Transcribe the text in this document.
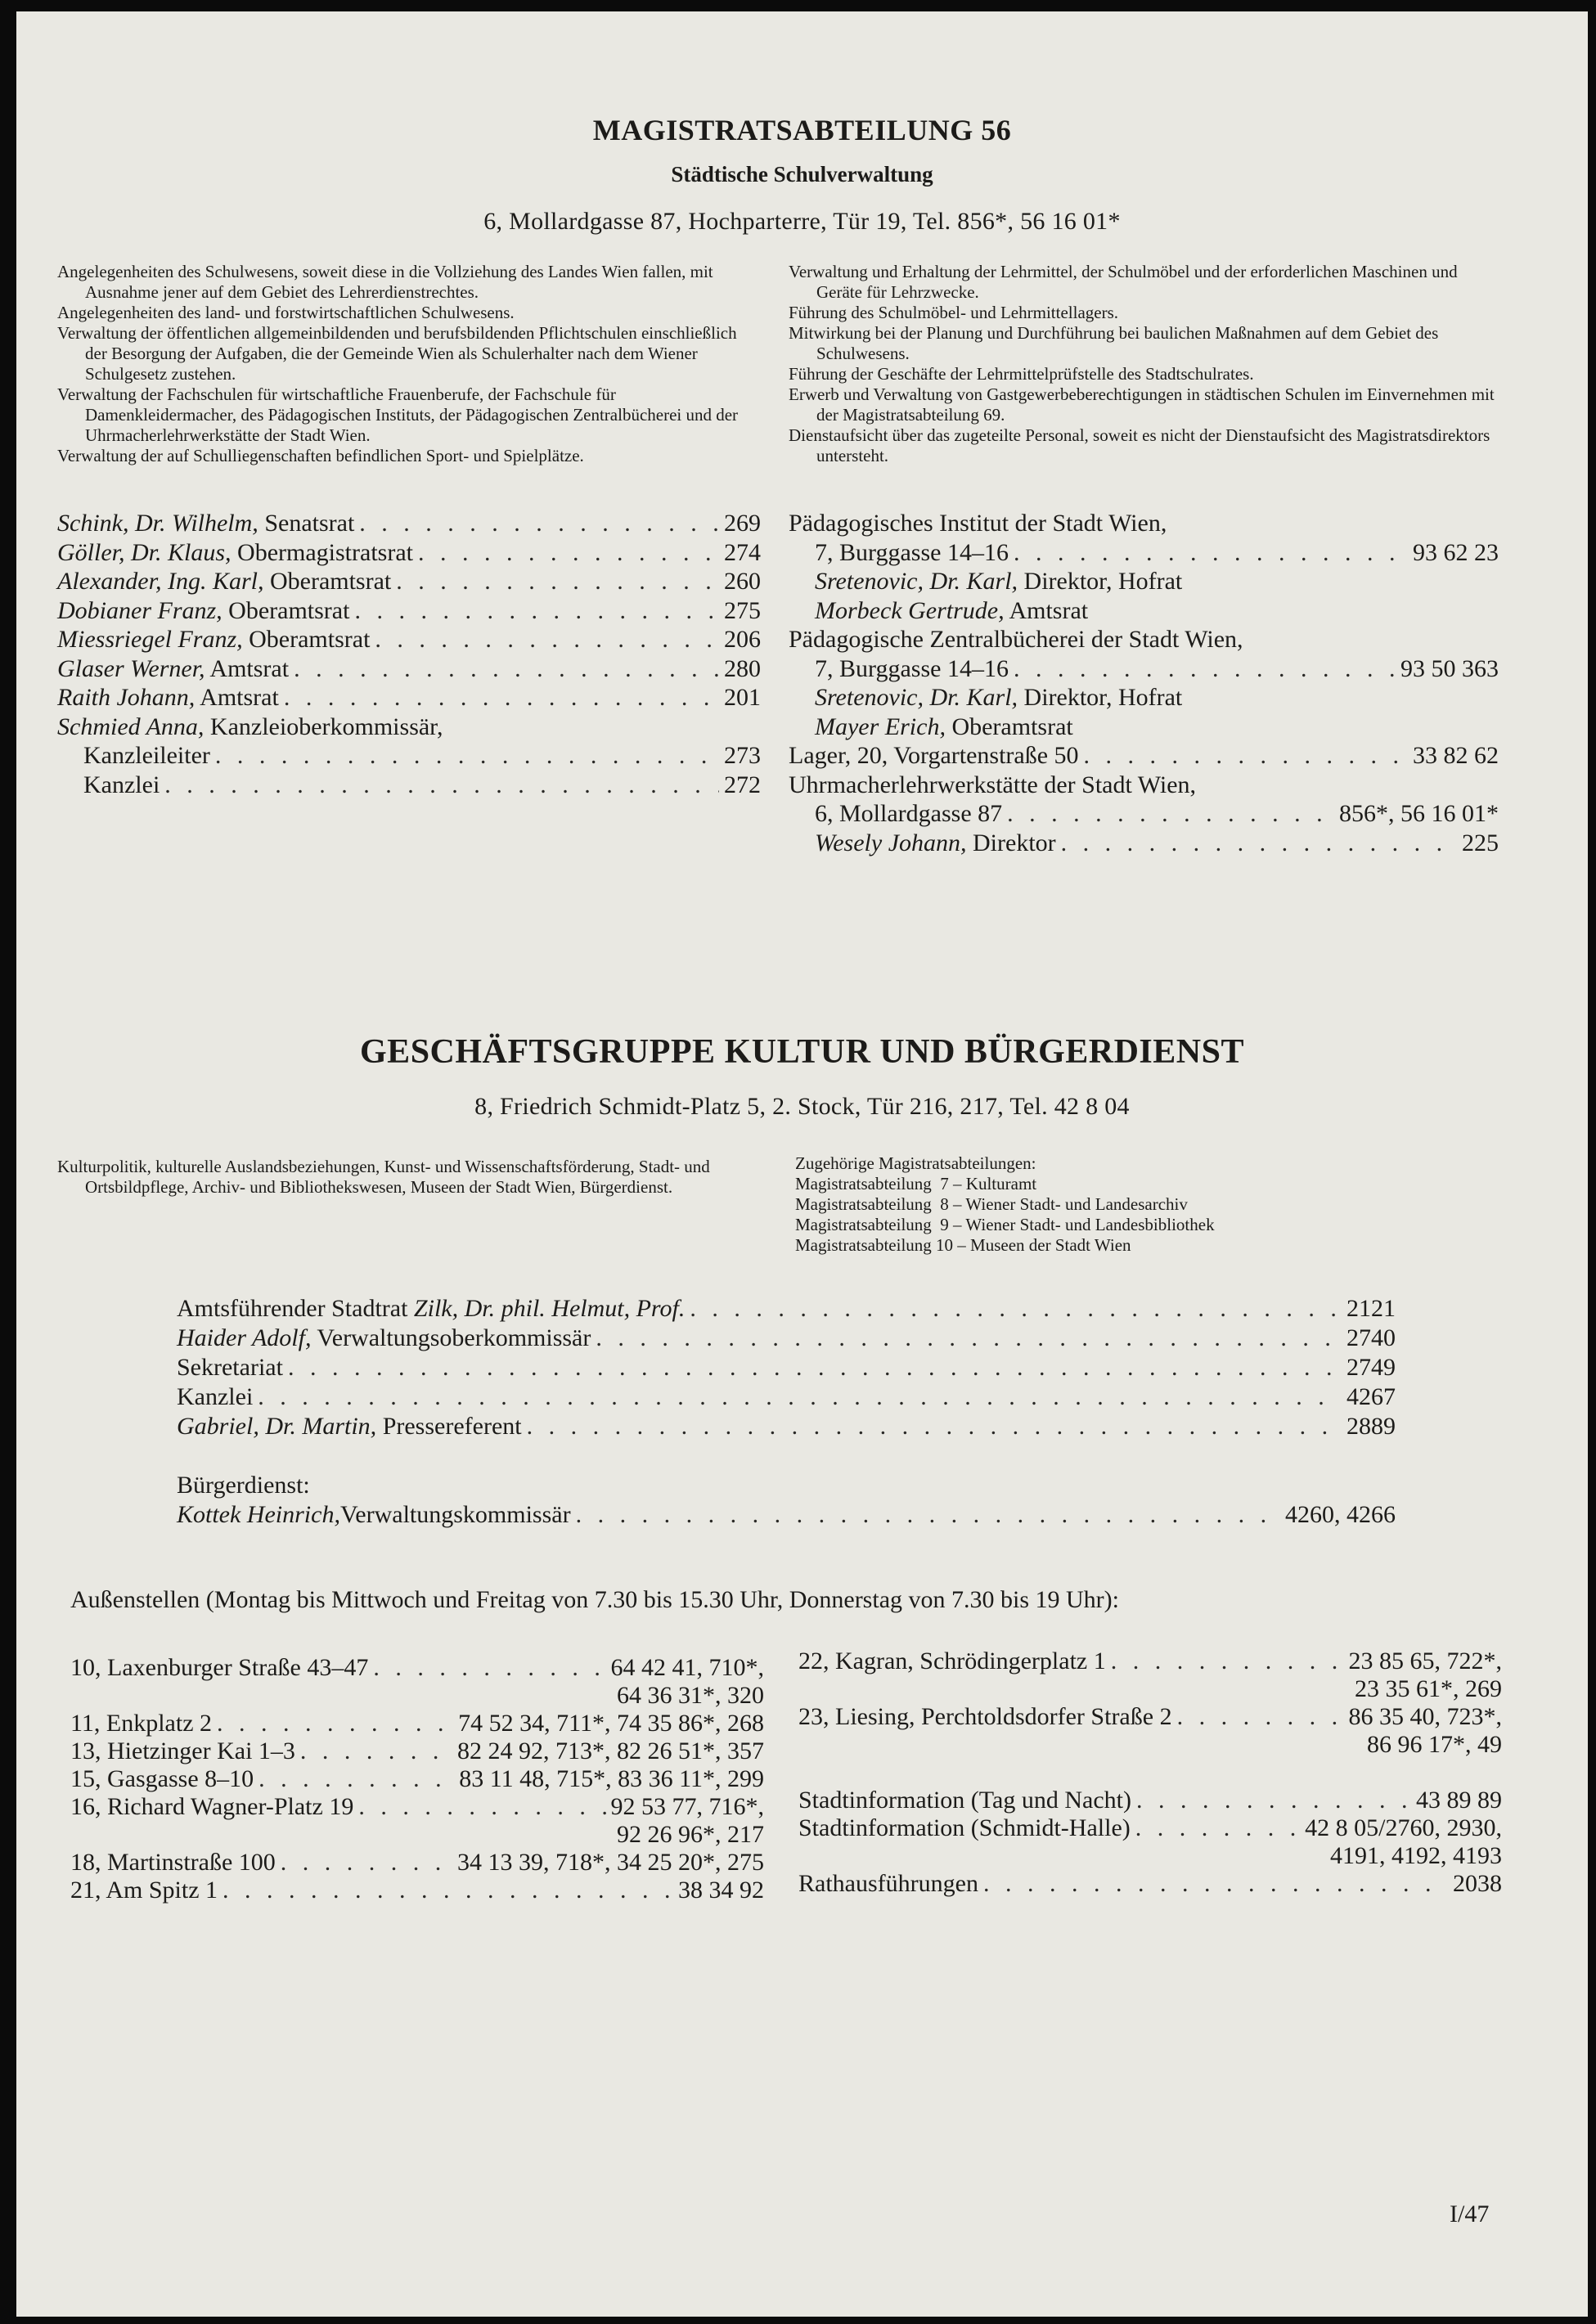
MAGISTRATSABTEILUNG 56
Städtische Schulverwaltung
6, Mollardgasse 87, Hochparterre, Tür 19, Tel. 856*, 56 16 01*

Angelegenheiten des Schulwesens, soweit diese in die Vollziehung des Landes Wien fallen, mit Ausnahme jener auf dem Gebiet des Lehrerdienstrechtes.

Angelegenheiten des land- und forstwirtschaftlichen Schulwesens.

Verwaltung der öffentlichen allgemeinbildenden und berufsbildenden Pflichtschulen einschließlich der Besorgung der Aufgaben, die der Gemeinde Wien als Schulerhalter nach dem Wiener Schulgesetz zustehen.

Verwaltung der Fachschulen für wirtschaftliche Frauenberufe, der Fachschule für Damenkleidermacher, des Pädagogischen Instituts, der Pädagogischen Zentralbücherei und der Uhrmacherlehrwerkstätte der Stadt Wien.

Verwaltung der auf Schulliegenschaften befindlichen Sport- und Spielplätze.

Verwaltung und Erhaltung der Lehrmittel, der Schulmöbel und der erforderlichen Maschinen und Geräte für Lehrzwecke.

Führung des Schulmöbel- und Lehrmittellagers.

Mitwirkung bei der Planung und Durchführung bei baulichen Maßnahmen auf dem Gebiet des Schulwesens.

Führung der Geschäfte der Lehrmittelprüfstelle des Stadtschulrates.

Erwerb und Verwaltung von Gastgewerbeberechtigungen in städtischen Schulen im Einvernehmen mit der Magistratsabteilung 69.

Dienstaufsicht über das zugeteilte Personal, soweit es nicht der Dienstaufsicht des Magistratsdirektors untersteht.

Schink, Dr. Wilhelm, Senatsrat . . .	269
Göller, Dr. Klaus, Obermagistratsrat . . .	274
Alexander, Ing. Karl, Oberamtsrat . . .	260
Dobianer Franz, Oberamtsrat . . .	275
Miessriegel Franz, Oberamtsrat . . .	206
Glaser Werner, Amtsrat . . .	280
Raith Johann, Amtsrat . . .	201
Schmied Anna, Kanzleioberkommissär,
Kanzleileiter . . .	273
Kanzlei . . .	272
Pädagogisches Institut der Stadt Wien,
7, Burggasse 14–16 . . .	93 62 23
Sretenovic, Dr. Karl, Direktor, Hofrat
Morbeck Gertrude, Amtsrat
Pädagogische Zentralbücherei der Stadt Wien,
7, Burggasse 14–16 . . .	93 50 363
Sretenovic, Dr. Karl, Direktor, Hofrat
Mayer Erich, Oberamtsrat
Lager, 20, Vorgartenstraße 50 . . .	33 82 62
Uhrmacherlehrwerkstätte der Stadt Wien,
6, Mollardgasse 87 . . .	856*, 56 16 01*
Wesely Johann, Direktor . . .	225
GESCHÄFTSGRUPPE KULTUR UND BÜRGERDIENST
8, Friedrich Schmidt-Platz 5, 2. Stock, Tür 216, 217, Tel. 42 8 04

Kulturpolitik, kulturelle Auslandsbeziehungen, Kunst- und Wissenschaftsförderung, Stadt- und Ortsbildpflege, Archiv- und Bibliothekswesen, Museen der Stadt Wien, Bürgerdienst.

Zugehörige Magistratsabteilungen:
Magistratsabteilung  7 – Kulturamt
Magistratsabteilung  8 – Wiener Stadt- und Landesarchiv
Magistratsabteilung  9 – Wiener Stadt- und Landesbibliothek
Magistratsabteilung 10 – Museen der Stadt Wien
Amtsführender Stadtrat Zilk, Dr. phil. Helmut, Prof. . . .	2121
Haider Adolf, Verwaltungsoberkommissär . . .	2740
Sekretariat . . .	2749
Kanzlei . . .	4267
Gabriel, Dr. Martin, Pressereferent . . .	2889
Bürgerdienst:
Kottek Heinrich,Verwaltungskommissär . . .	4260, 4266
Außenstellen (Montag bis Mittwoch und Freitag von 7.30 bis 15.30 Uhr, Donnerstag von 7.30 bis 19 Uhr):
10, Laxenburger Straße 43–47 . . .	64 42 41, 710*,
64 36 31*, 320
11, Enkplatz 2 . . .	74 52 34, 711*, 74 35 86*, 268
13, Hietzinger Kai 1–3 . . .	82 24 92, 713*, 82 26 51*, 357
15, Gasgasse 8–10 . . .	83 11 48, 715*, 83 36 11*, 299
16, Richard Wagner-Platz 19 . . .	92 53 77, 716*,
92 26 96*, 217
18, Martinstraße 100 . . .	34 13 39, 718*, 34 25 20*, 275
21, Am Spitz 1 . . .	38 34 92
22, Kagran, Schrödingerplatz 1 . . .	23 85 65, 722*,
23 35 61*, 269
23, Liesing, Perchtoldsdorfer Straße 2 . . .	86 35 40, 723*,
86 96 17*, 49
Stadtinformation (Tag und Nacht) . . .	43 89 89
Stadtinformation (Schmidt-Halle) . . .	42 8 05/2760, 2930,
4191, 4192, 4193
Rathausführungen . . .	2038
I/47
